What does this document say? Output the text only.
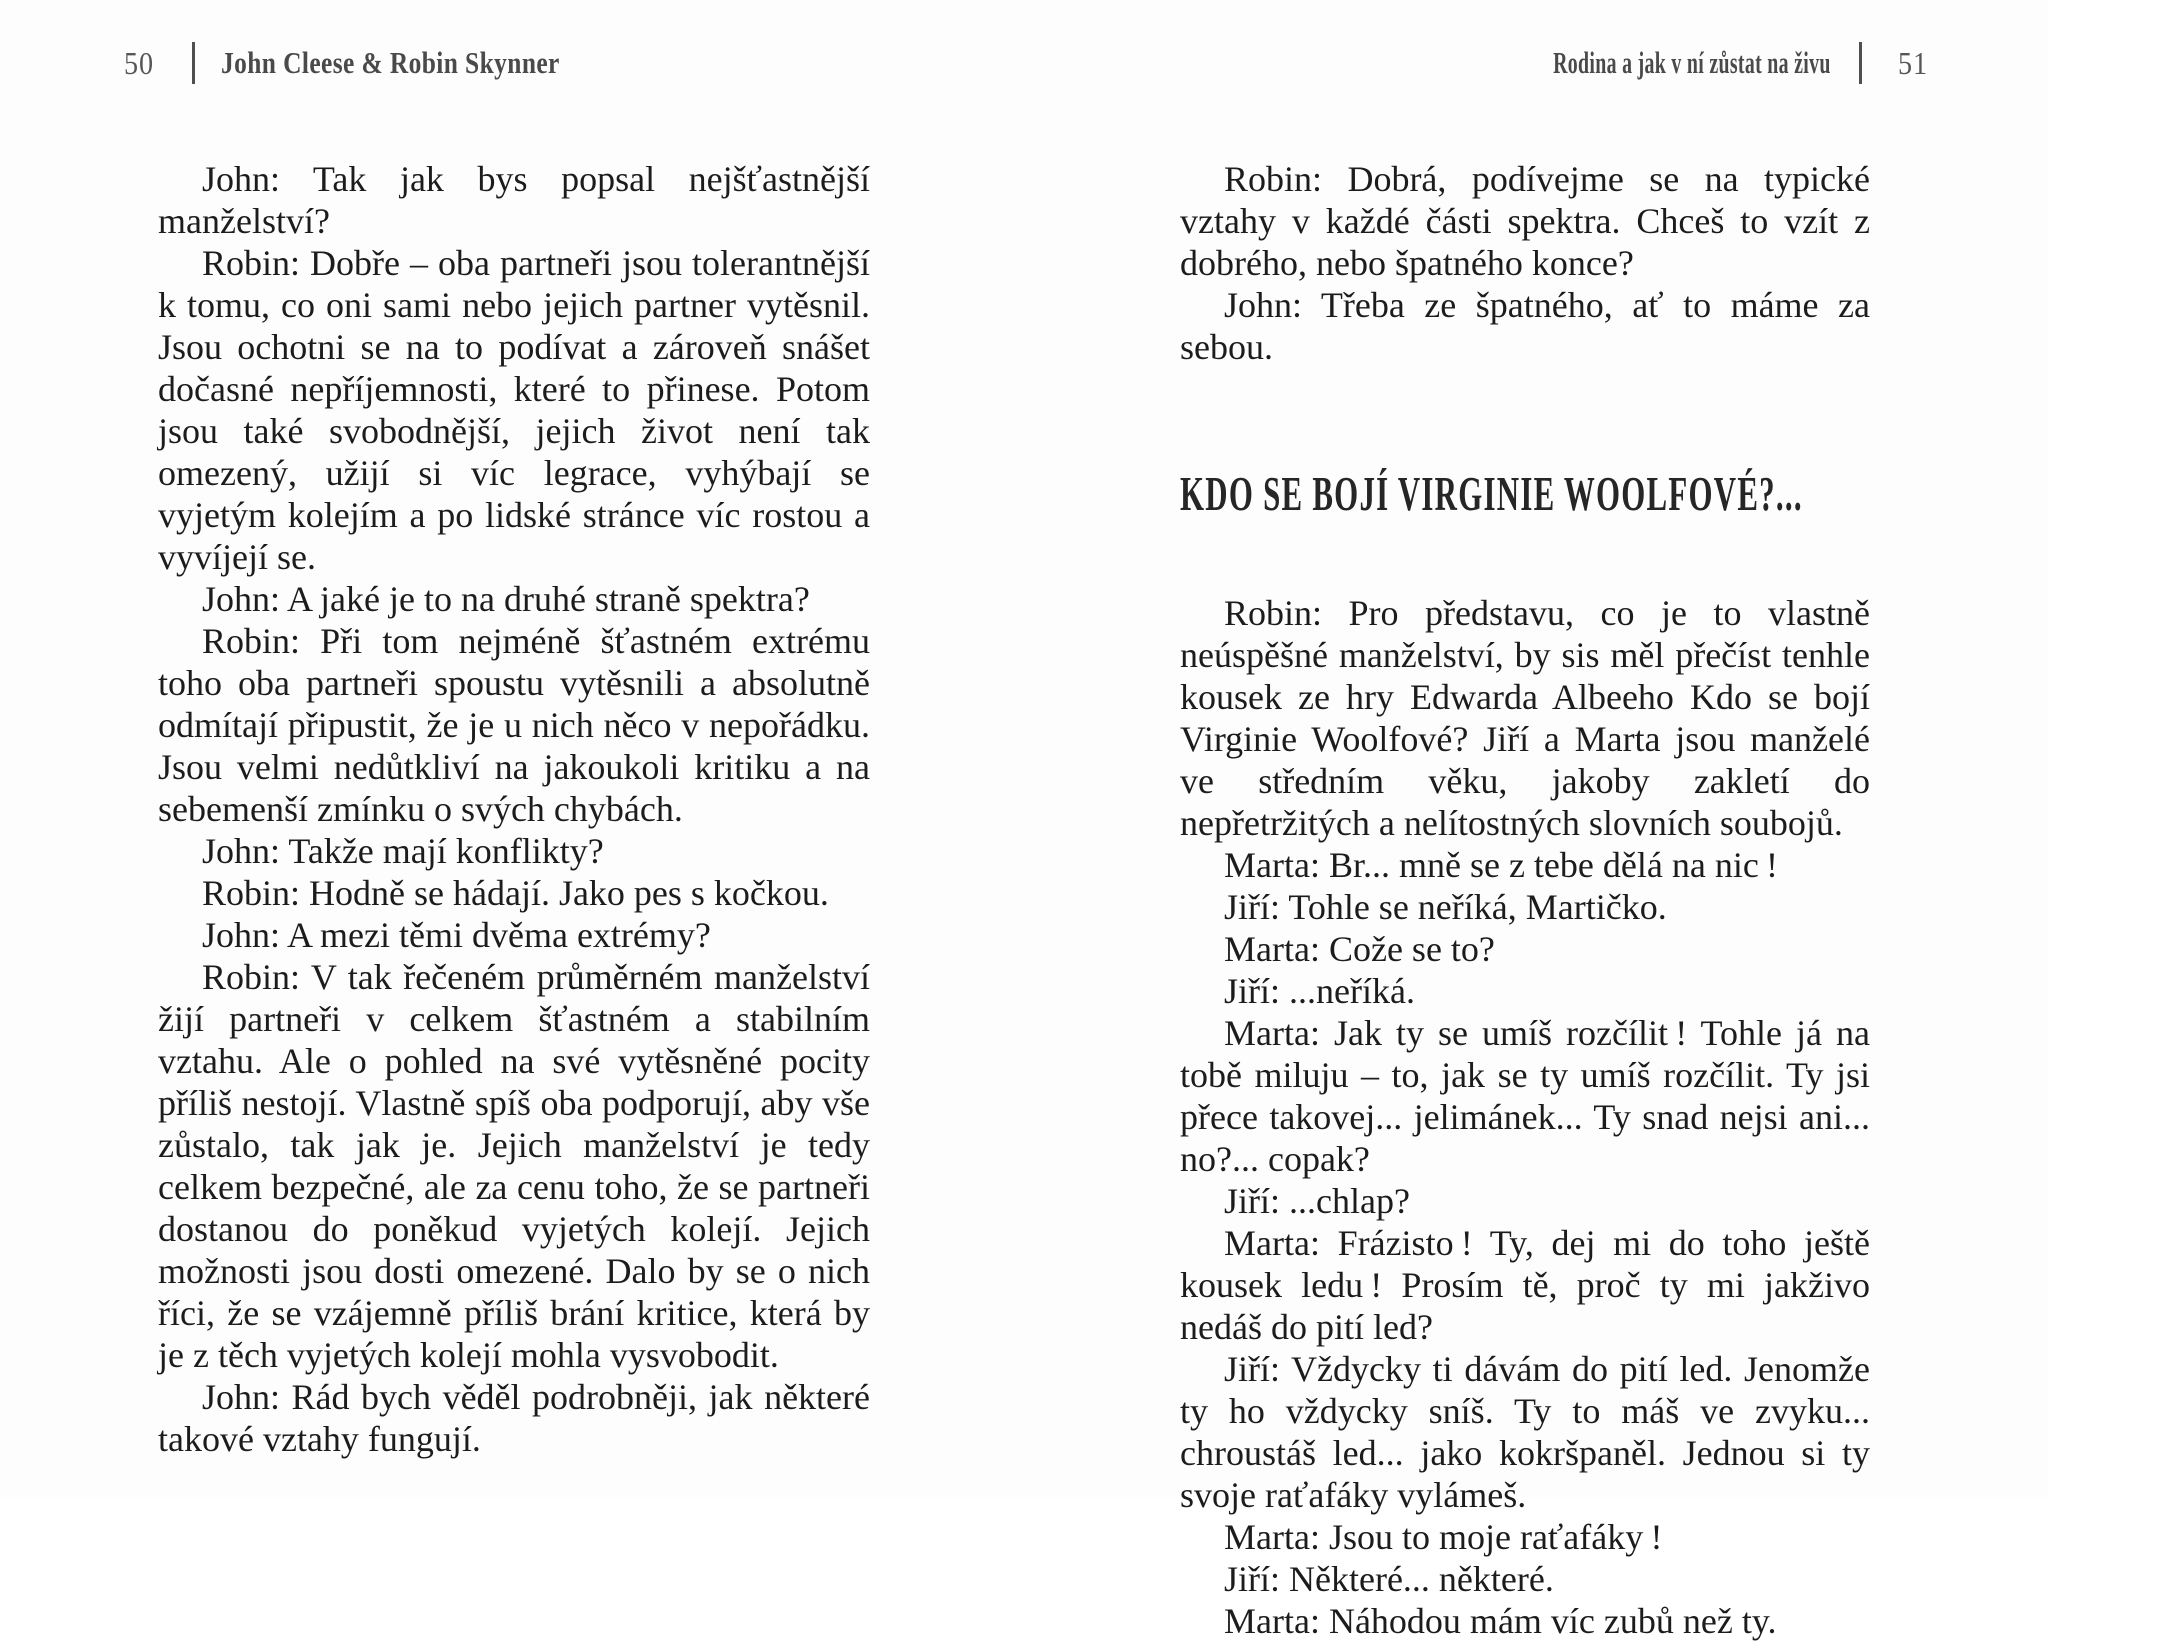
50 John Cleese & Robin Skynner	Rodina a jak v ní zůstat na živu 51

John: Tak jak bys popsal nejšťastnější manželství?

Robin: Dobře – oba partneři jsou tolerantnější k tomu, co oni sami nebo jejich partner vytěsnil. Jsou ochotni se na to podívat a zároveň snášet dočasné nepříjemnosti, které to přinese. Potom jsou také svobodnější, jejich život není tak omezený, užijí si víc legrace, vyhýbají se vyjetým kolejím a po lidské stránce víc rostou a vyvíjejí se.

John: A jaké je to na druhé straně spektra?

Robin: Při tom nejméně šťastném extrému toho oba partneři spoustu vytěsnili a absolutně odmítají připustit, že je u nich něco v nepořádku. Jsou velmi nedůtkliví na jakoukoli kritiku a na sebemenší zmínku o svých chybách.

John: Takže mají konflikty?

Robin: Hodně se hádají. Jako pes s kočkou.

John: A mezi těmi dvěma extrémy?

Robin: V tak řečeném průměrném manželství žijí partneři v celkem šťastném a stabilním vztahu. Ale o pohled na své vytěsněné pocity příliš nestojí. Vlastně spíš oba podporují, aby vše zůstalo, tak jak je. Jejich manželství je tedy celkem bezpečné, ale za cenu toho, že se partneři dostanou do poněkud vyjetých kolejí. Jejich možnosti jsou dosti omezené. Dalo by se o nich říci, že se vzájemně příliš brání kritice, která by je z těch vyjetých kolejí mohla vysvobodit.

John: Rád bych věděl podrobněji, jak některé takové vztahy fungují.

Robin: Dobrá, podívejme se na typické vztahy v každé části spektra. Chceš to vzít z dobrého, nebo špatného konce?

John: Třeba ze špatného, ať to máme za sebou.

KDO SE BOJÍ VIRGINIE WOOLFOVÉ?...

Robin: Pro představu, co je to vlastně neúspěšné manželství, by sis měl přečíst tenhle kousek ze hry Edwarda Albeeho Kdo se bojí Virginie Woolfové? Jiří a Marta jsou manželé ve středním věku, jakoby zakletí do nepřetržitých a nelítostných slovních soubojů.

Marta: Br... mně se z tebe dělá na nic !

Jiří: Tohle se neříká, Martičko.

Marta: Cože se to?

Jiří: ...neříká.

Marta: Jak ty se umíš rozčílit ! Tohle já na tobě miluju – to, jak se ty umíš rozčílit. Ty jsi přece takovej... jelimánek... Ty snad nejsi ani... no?... copak?

Jiří: ...chlap?

Marta: Frázisto ! Ty, dej mi do toho ještě kousek ledu ! Prosím tě, proč ty mi jakživo nedáš do pití led?

Jiří: Vždycky ti dávám do pití led. Jenomže ty ho vždycky sníš. Ty to máš ve zvyku... chroustáš led... jako kokršpaněl. Jednou si ty svoje raťafáky vylámeš.

Marta: Jsou to moje raťafáky !

Jiří: Některé... některé.

Marta: Náhodou mám víc zubů než ty.
